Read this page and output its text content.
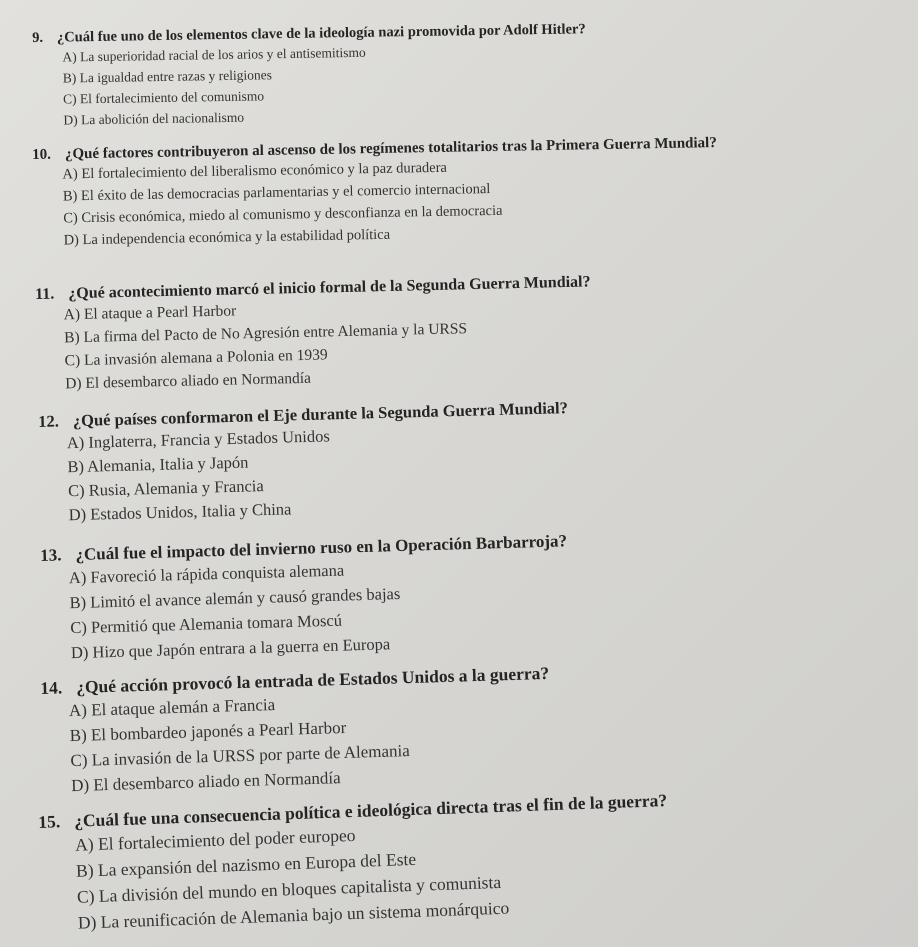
9. ¿Cuál fue uno de los elementos clave de la ideología nazi promovida por Adolf Hitler?
A) La superioridad racial de los arios y el antisemitismo
B) La igualdad entre razas y religiones
C) El fortalecimiento del comunismo
D) La abolición del nacionalismo
10. ¿Qué factores contribuyeron al ascenso de los regímenes totalitarios tras la Primera Guerra Mundial?
A) El fortalecimiento del liberalismo económico y la paz duradera
B) El éxito de las democracias parlamentarias y el comercio internacional
C) Crisis económica, miedo al comunismo y desconfianza en la democracia
D) La independencia económica y la estabilidad política
11. ¿Qué acontecimiento marcó el inicio formal de la Segunda Guerra Mundial?
A) El ataque a Pearl Harbor
B) La firma del Pacto de No Agresión entre Alemania y la URSS
C) La invasión alemana a Polonia en 1939
D) El desembarco aliado en Normandía
12. ¿Qué países conformaron el Eje durante la Segunda Guerra Mundial?
A) Inglaterra, Francia y Estados Unidos
B) Alemania, Italia y Japón
C) Rusia, Alemania y Francia
D) Estados Unidos, Italia y China
13. ¿Cuál fue el impacto del invierno ruso en la Operación Barbarroja?
A) Favoreció la rápida conquista alemana
B) Limitó el avance alemán y causó grandes bajas
C) Permitió que Alemania tomara Moscú
D) Hizo que Japón entrara a la guerra en Europa
14. ¿Qué acción provocó la entrada de Estados Unidos a la guerra?
A) El ataque alemán a Francia
B) El bombardeo japonés a Pearl Harbor
C) La invasión de la URSS por parte de Alemania
D) El desembarco aliado en Normandía
15. ¿Cuál fue una consecuencia política e ideológica directa tras el fin de la guerra?
A) El fortalecimiento del poder europeo
B) La expansión del nazismo en Europa del Este
C) La división del mundo en bloques capitalista y comunista
D) La reunificación de Alemania bajo un sistema monárquico
